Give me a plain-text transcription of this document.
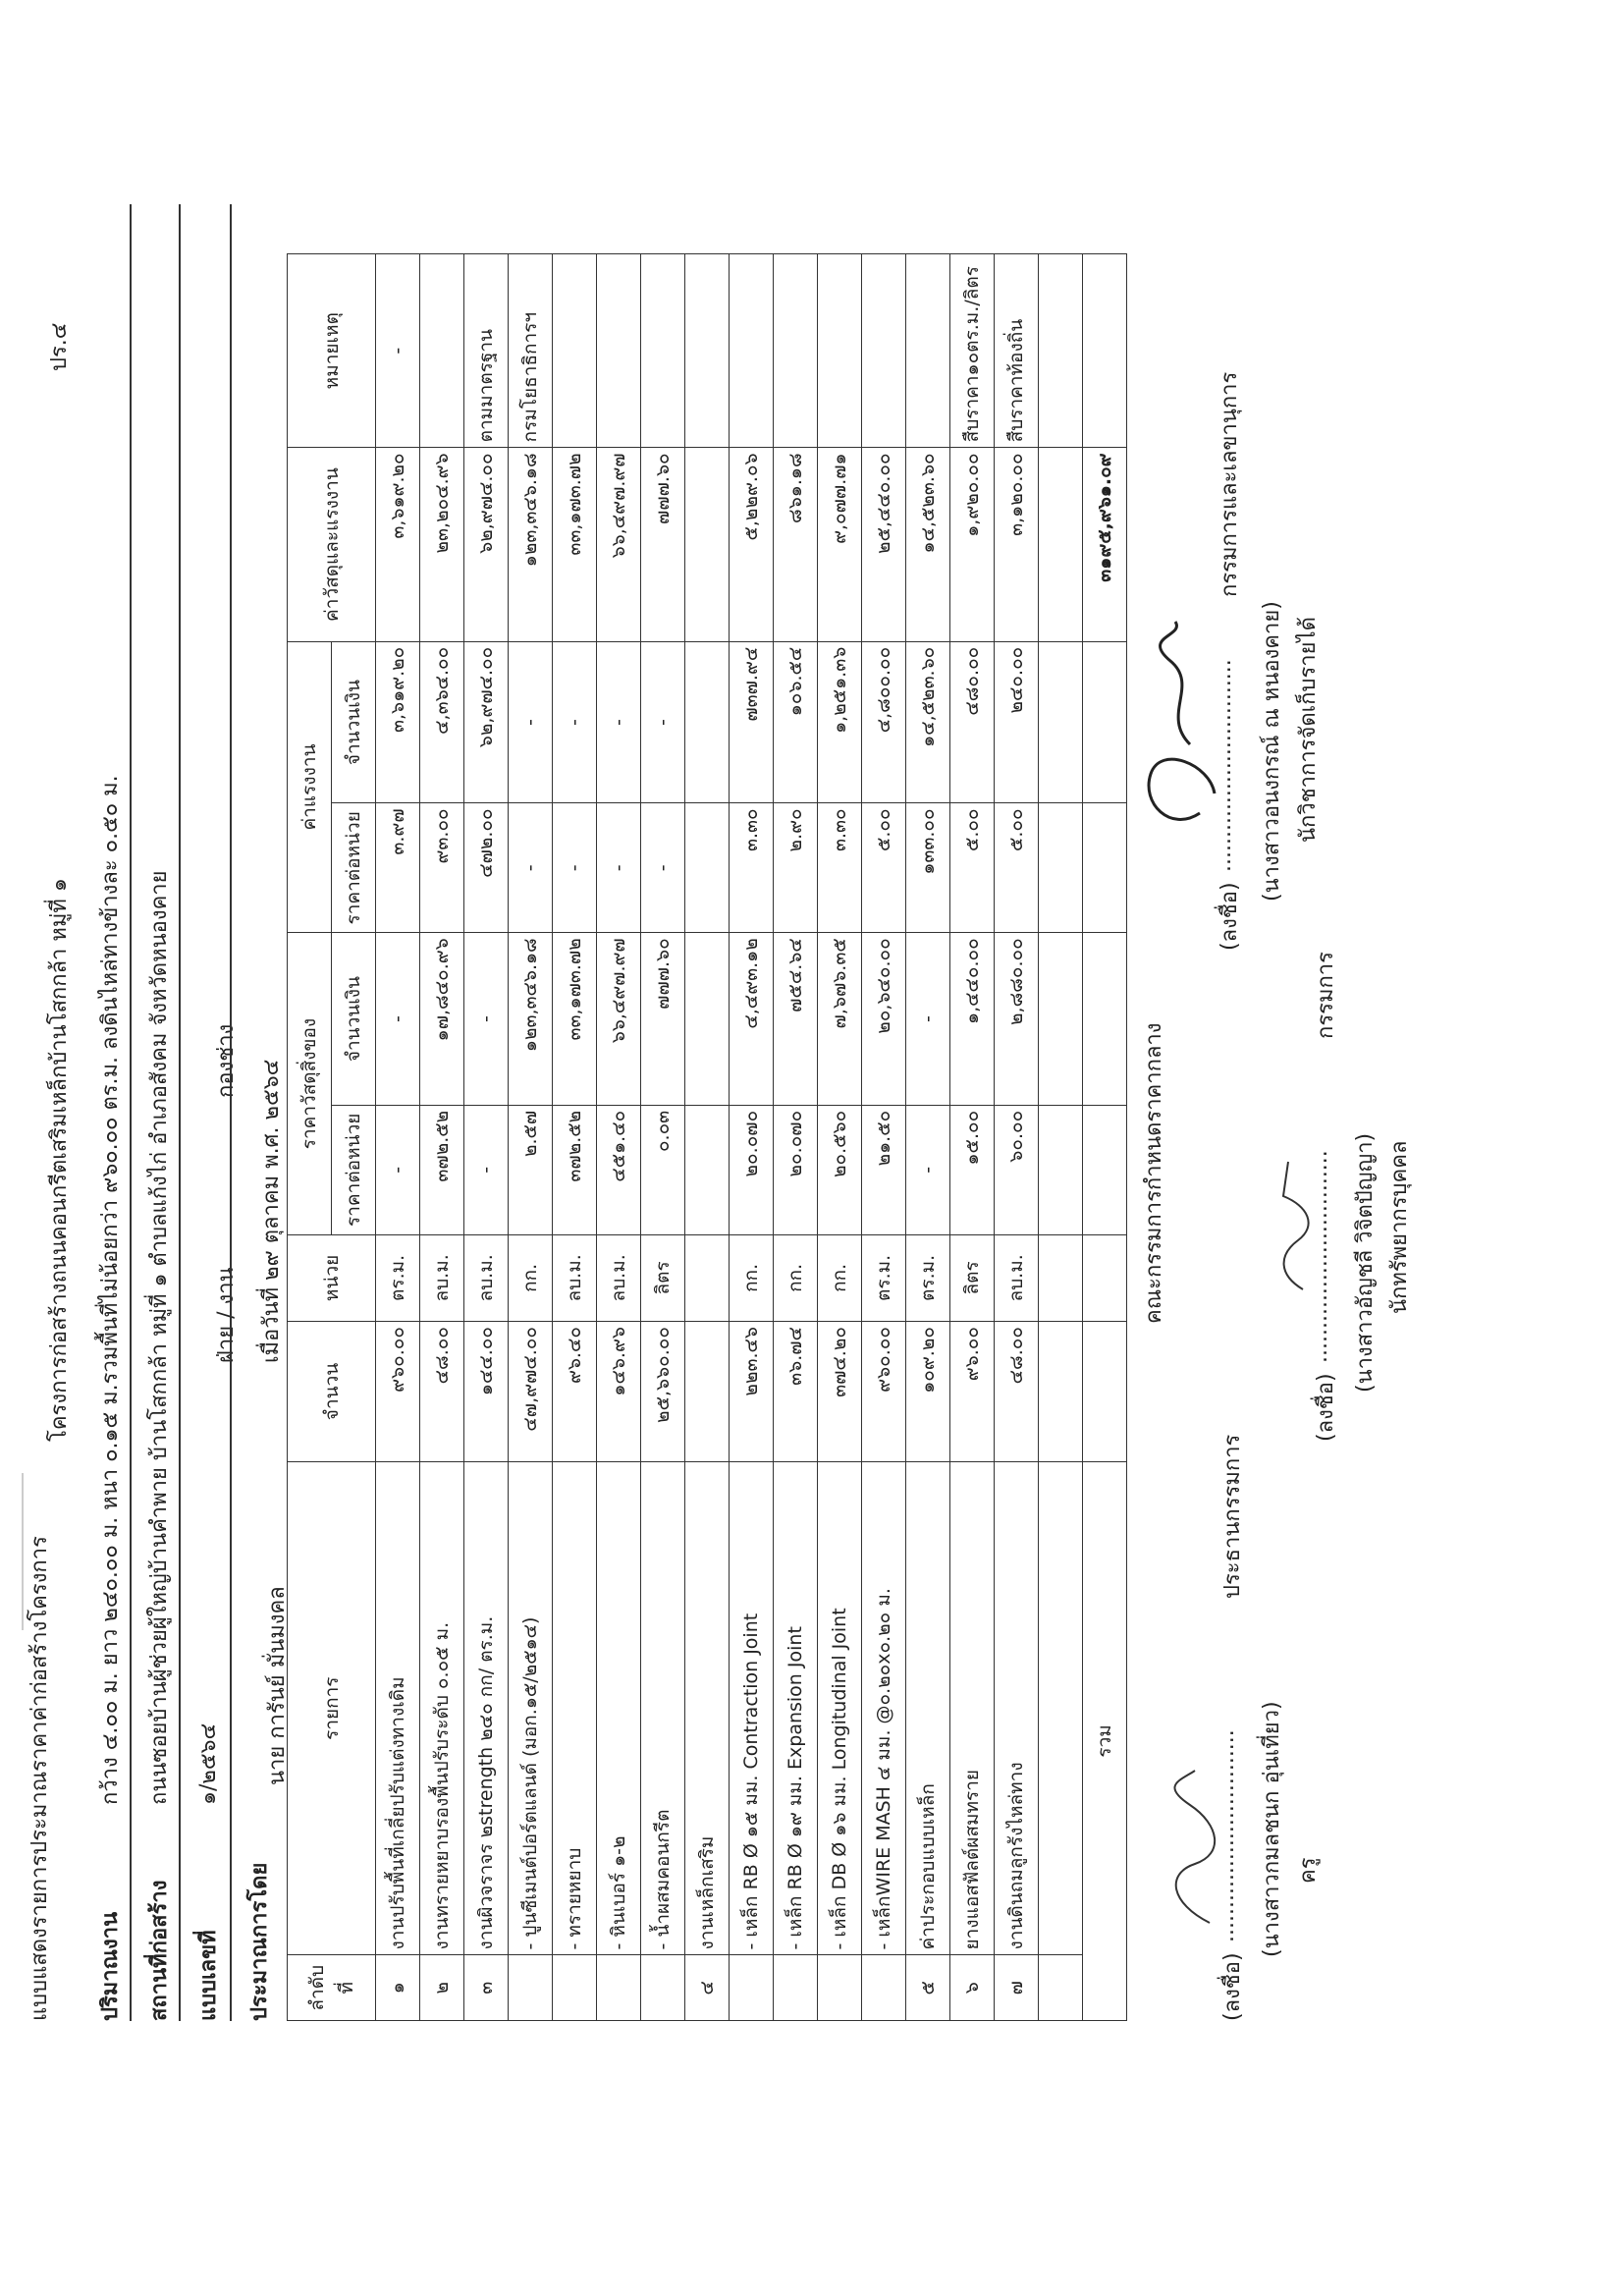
ปร.๔
แบบแสดงรายการประมาณราคาค่าก่อสร้างโครงการ
โครงการก่อสร้างถนนคอนกรีตเสริมเหล็กบ้านโสกกล้า หมู่ที่ ๑
ปริมาณงาน
กว้าง ๔.๐๐ ม. ยาว ๒๔๐.๐๐ ม. หนา ๐.๑๕ ม.รวมพื้นที่ไม่น้อยกว่า ๙๖๐.๐๐ ตร.ม. ลงดินไหล่ทางข้างละ ๐.๕๐ ม.
สถานที่ก่อสร้าง
ถนนซอยบ้านผู้ช่วยผู้ใหญ่บ้านคำพาย บ้านโสกกล้า หมู่ที่ ๑ ตำบลแก้งไก่ อำเภอสังคม จังหวัดหนองคาย
แบบเลขที่
๑/๒๕๖๔
ฝ่าย / งาน
กองช่าง
ประมาณการโดย
นาย การันย์ มั่นมงคล
เมื่อวันที่ ๒๙ ตุลาคม พ.ศ. ๒๕๖๔
ลำดับที่	รายการ	จำนวน	หน่วย	ราคาวัสดุสิ่งของ		ค่าแรงงาน		ค่าวัสดุและแรงงาน	หมายเหตุ
				ราคาต่อหน่วย	จำนวนเงิน	ราคาต่อหน่วย	จำนวนเงิน		
๑	งานปรับพื้นที่เกลี่ยปรับแต่งทางเดิม	๙๖๐.๐๐	ตร.ม.	-	-	๓.๙๗	๓,๖๑๙.๒๐	๓,๖๑๙.๒๐	-
๒	งานทรายหยาบรองพื้นปรับระดับ ๐.๐๕ ม.	๔๘.๐๐	ลบ.ม.	๓๗๒.๕๒	๑๗,๘๔๐.๙๖	๙๓.๐๐	๔,๓๖๔.๐๐	๒๓,๒๐๔.๙๖	
๓	งานผิวจราจร ๒strength ๒๔๐ กก/ ตร.ม.	๑๔๔.๐๐	ลบ.ม.	-	-	๔๗๒.๐๐	๖๒,๙๗๔.๐๐	๖๒,๙๗๔.๐๐	ตามมาตรฐาน
	- ปูนซีเมนต์ปอร์ตแลนด์ (มอก.๑๕/๒๕๑๔)	๔๗,๙๗๔.๐๐	กก.	๒.๕๗	๑๒๓,๓๔๖.๑๘	-	-	๑๒๓,๓๔๖.๑๘	กรมโยธาธิการฯ
	- ทรายหยาบ	๙๖.๔๐	ลบ.ม.	๓๗๒.๕๒	๓๓,๑๗๓.๗๒	-	-	๓๓,๑๗๓.๗๒	
	- หินเบอร์ ๑-๒	๑๔๖.๙๖	ลบ.ม.	๔๕๑.๔๐	๖๖,๔๙๗.๙๗	-	-	๖๖,๔๙๗.๙๗	
	- น้ำผสมคอนกรีต	๒๕,๖๖๐.๐๐	ลิตร	๐.๐๓	๗๗๗.๖๐	-	-	๗๗๗.๖๐	
๔	งานเหล็กเสริม								
	- เหล็ก RB Ø ๑๕ มม. Contraction Joint	๒๒๓.๔๖	กก.	๒๐.๐๗๐	๔,๔๙๓.๑๒	๓.๓๐	๗๓๗.๙๔	๕,๒๒๙.๐๖	
	- เหล็ก RB Ø ๑๙ มม. Expansion Joint	๓๖.๗๔	กก.	๒๐.๐๗๐	๗๕๔.๖๔	๒.๙๐	๑๐๖.๕๔	๘๖๑.๑๘	
	- เหล็ก DB Ø ๑๖ มม. Longitudinal Joint	๓๗๔.๒๐	กก.	๒๐.๕๖๐	๗,๖๗๖.๓๕	๓.๓๐	๑,๒๕๑.๓๖	๙,๐๗๗.๗๑	
	- เหล็กWIRE MASH ๔ มม. @๐.๒๐x๐.๒๐ ม.	๙๖๐.๐๐	ตร.ม.	๒๑.๕๐	๒๐,๖๔๐.๐๐	๕.๐๐	๔,๘๐๐.๐๐	๒๕,๔๔๐.๐๐	
๕	ค่าประกอบแบบเหล็ก	๑๐๙.๒๐	ตร.ม.	-	-	๑๓๓.๐๐	๑๔,๕๒๓.๖๐	๑๔,๕๒๓.๖๐	
๖	ยางแอสฟัลต์ผสมทราย	๙๖.๐๐	ลิตร	๑๕.๐๐	๑,๔๔๐.๐๐	๕.๐๐	๔๘๐.๐๐	๑,๙๒๐.๐๐	สืบราคา๑๐ตร.ม./ลิตร
๗	งานดินถมลูกรังไหล่ทาง	๔๘.๐๐	ลบ.ม.	๖๐.๐๐	๒,๘๘๐.๐๐	๕.๐๐	๒๔๐.๐๐	๓,๑๒๐.๐๐	สืบราคาท้องถิ่น

รวม								๓๑๙๕,๙๖๑.๐๙	
คณะกรรมการกำหนดราคากลาง
(ลงชื่อ)
...............................
ประธานกรรมการ
(นางสาวกมลชนก อุ่นเที่ยว) ครู
(ลงชื่อ)
...............................
กรรมการ
(นางสาวอัญชลี วิจิตปัญญา) นักทรัพยากรบุคคล
(ลงชื่อ)
...............................
กรรมการและเลขานุการ
(นางสาวอนงกรณ์ ณ หนองคาย) นักวิชาการจัดเก็บรายได้
